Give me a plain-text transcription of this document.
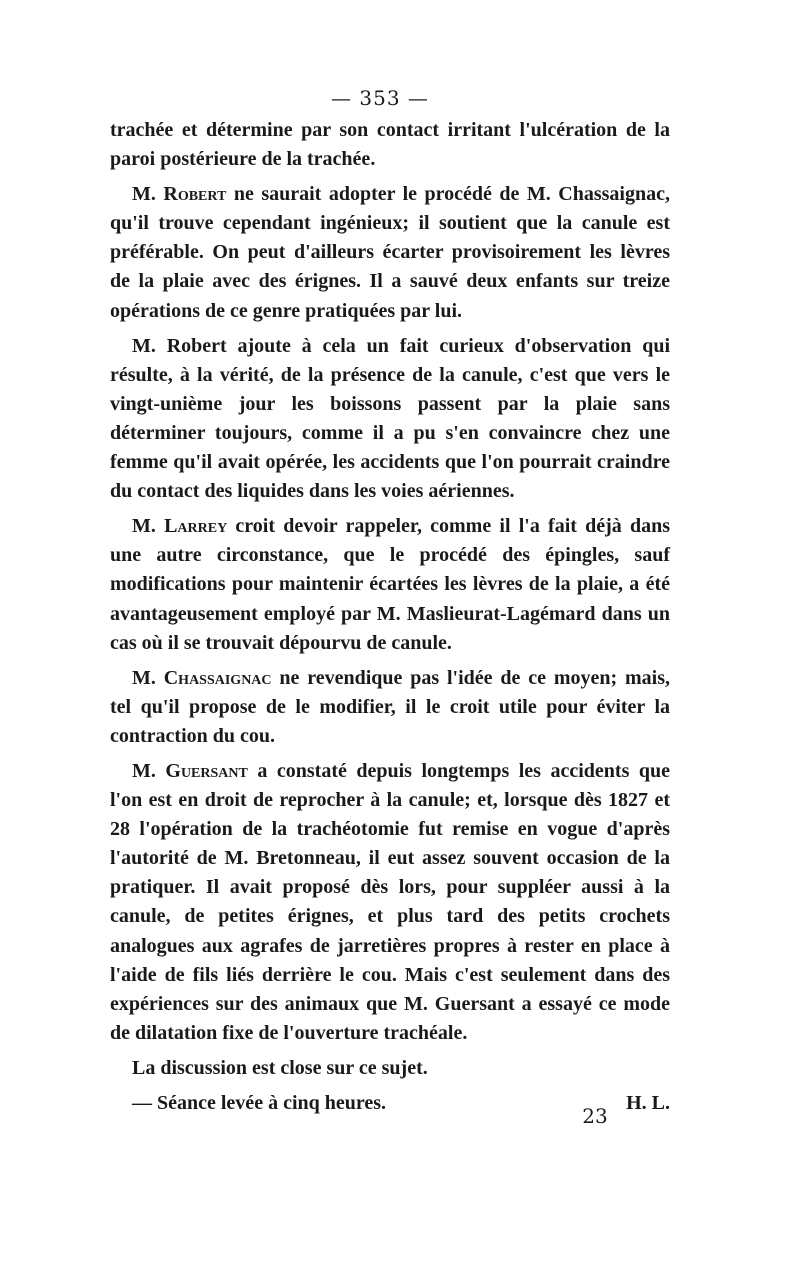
— 353 —

trachée et détermine par son contact irritant l'ulcération de la paroi postérieure de la trachée.

M. Robert ne saurait adopter le procédé de M. Chassaignac, qu'il trouve cependant ingénieux; il soutient que la canule est préférable. On peut d'ailleurs écarter provisoirement les lèvres de la plaie avec des érignes. Il a sauvé deux enfants sur treize opérations de ce genre pratiquées par lui.

M. Robert ajoute à cela un fait curieux d'observation qui résulte, à la vérité, de la présence de la canule, c'est que vers le vingt-unième jour les boissons passent par la plaie sans déterminer toujours, comme il a pu s'en convaincre chez une femme qu'il avait opérée, les accidents que l'on pourrait craindre du contact des liquides dans les voies aériennes.

M. Larrey croit devoir rappeler, comme il l'a fait déjà dans une autre circonstance, que le procédé des épingles, sauf modifications pour maintenir écartées les lèvres de la plaie, a été avantageusement employé par M. Maslieurat-Lagémard dans un cas où il se trouvait dépourvu de canule.

M. Chassaignac ne revendique pas l'idée de ce moyen; mais, tel qu'il propose de le modifier, il le croit utile pour éviter la contraction du cou.

M. Guersant a constaté depuis longtemps les accidents que l'on est en droit de reprocher à la canule; et, lorsque dès 1827 et 28 l'opération de la trachéotomie fut remise en vogue d'après l'autorité de M. Bretonneau, il eut assez souvent occasion de la pratiquer. Il avait proposé dès lors, pour suppléer aussi à la canule, de petites érignes, et plus tard des petits crochets analogues aux agrafes de jarretières propres à rester en place à l'aide de fils liés derrière le cou. Mais c'est seulement dans des expériences sur des animaux que M. Guersant a essayé ce mode de dilatation fixe de l'ouverture trachéale.

La discussion est close sur ce sujet.

— Séance levée à cinq heures.	H. L.
23
